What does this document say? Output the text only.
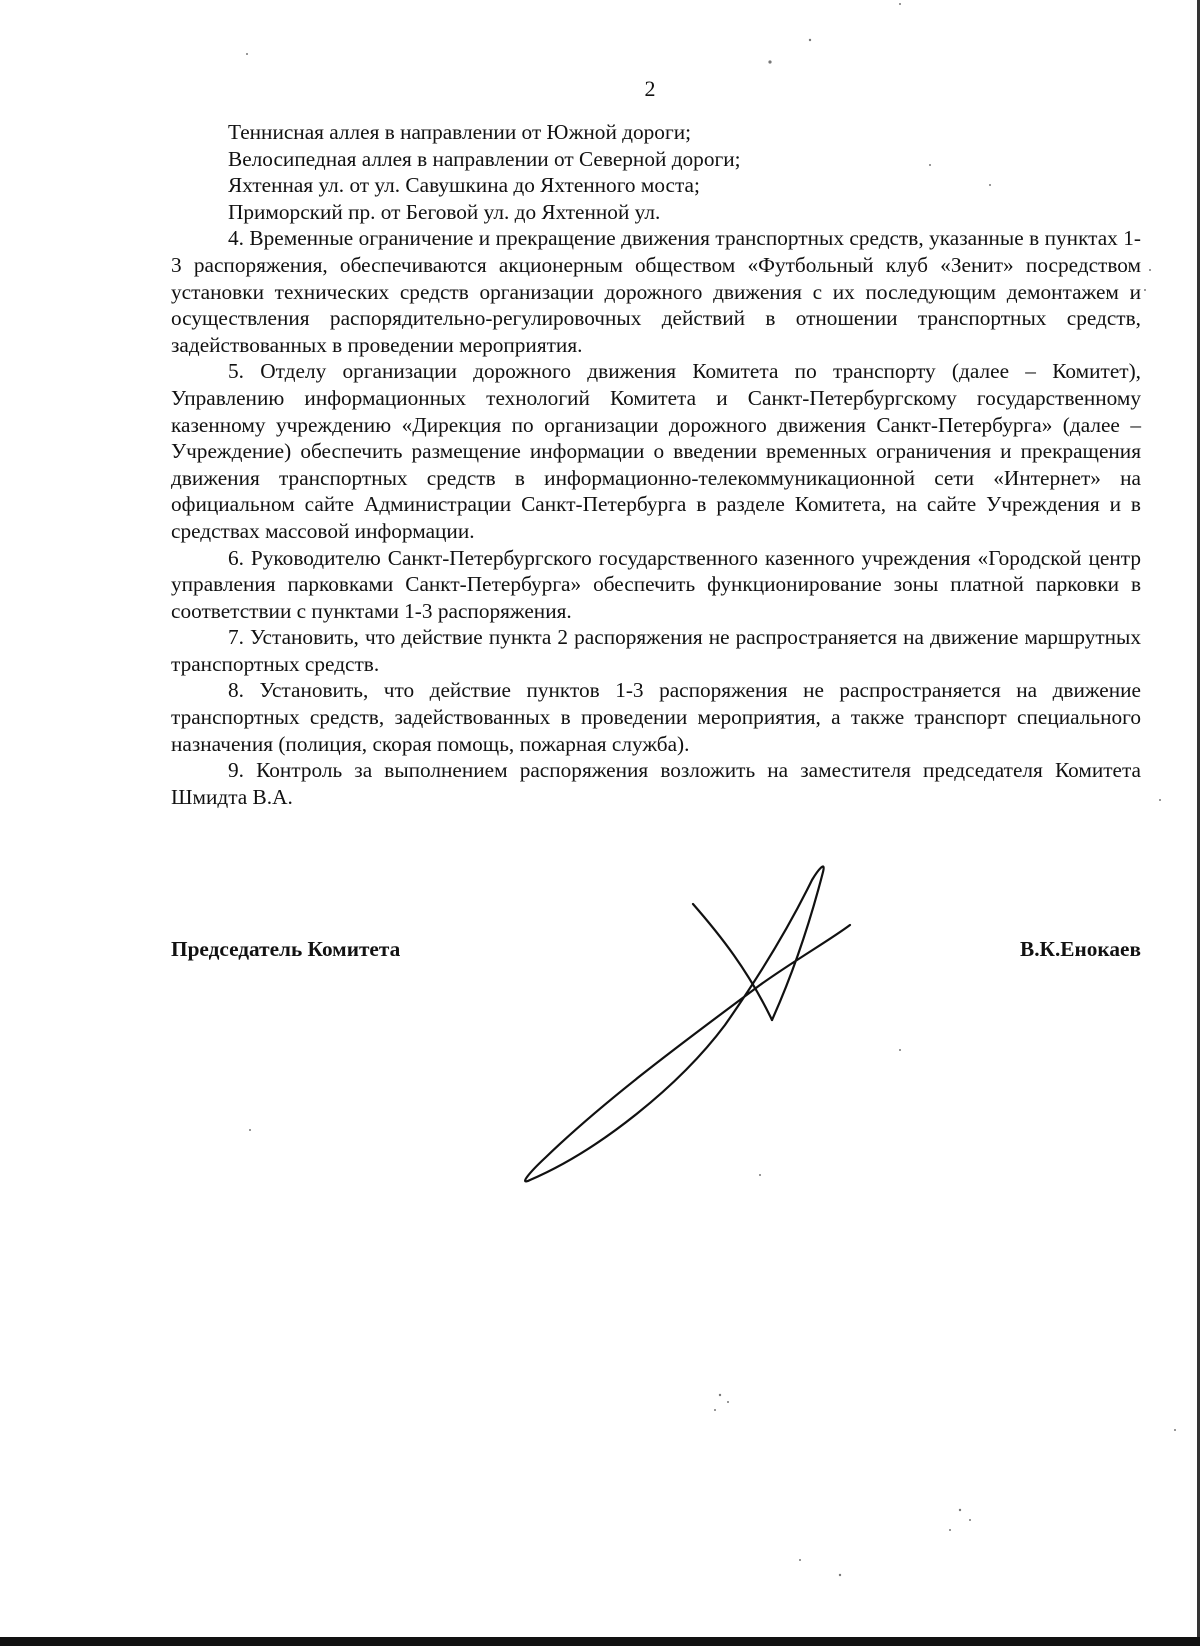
2

Теннисная аллея в направлении от Южной дороги;

Велосипедная аллея в направлении от Северной дороги;

Яхтенная ул. от ул. Савушкина до Яхтенного моста;

Приморский пр. от Беговой ул. до Яхтенной ул.

4. Временные ограничение и прекращение движения транспортных средств, указанные в пунктах 1-3 распоряжения, обеспечиваются акционерным обществом «Футбольный клуб «Зенит» посредством установки технических средств организации дорожного движения с их последующим демонтажем и осуществления распорядительно-регулировочных действий в отношении транспортных средств, задействованных в проведении мероприятия.

5. Отделу организации дорожного движения Комитета по транспорту (далее – Комитет), Управлению информационных технологий Комитета и Санкт-Петербургскому государственному казенному учреждению «Дирекция по организации дорожного движения Санкт-Петербурга» (далее – Учреждение) обеспечить размещение информации о введении временных ограничения и прекращения движения транспортных средств в информационно-телекоммуникационной сети «Интернет» на официальном сайте Администрации Санкт-Петербурга в разделе Комитета, на сайте Учреждения и в средствах массовой информации.

6. Руководителю Санкт-Петербургского государственного казенного учреждения «Городской центр управления парковками Санкт-Петербурга» обеспечить функционирование зоны платной парковки в соответствии с пунктами 1-3 распоряжения.

7. Установить, что действие пункта 2 распоряжения не распространяется на движение маршрутных транспортных средств.

8. Установить, что действие пунктов 1-3 распоряжения не распространяется на движение транспортных средств, задействованных в проведении мероприятия, а также транспорт специального назначения (полиция, скорая помощь, пожарная служба).

9. Контроль за выполнением распоряжения возложить на заместителя председателя Комитета Шмидта В.А.

Председатель Комитета	В.К.Енокаев
